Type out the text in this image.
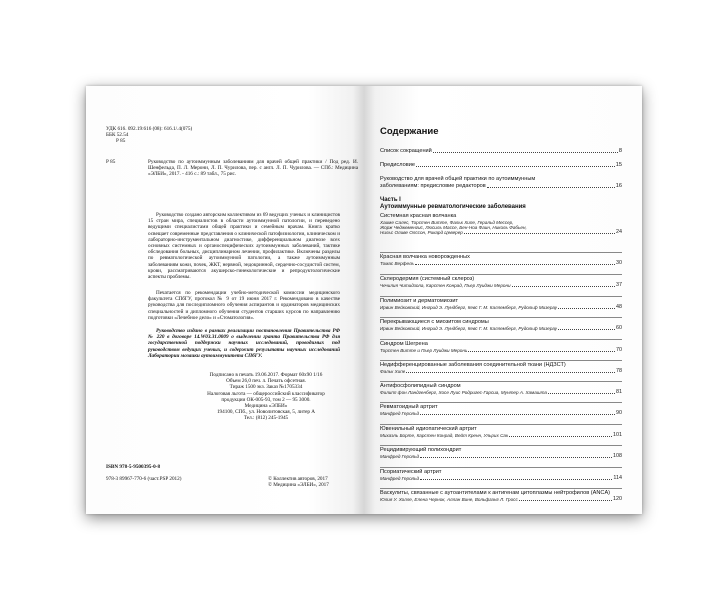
УДК 616. 092.19:616 (08): 616.1/.4(075)
ББК 52.54
Р 85
Р 85	Руководство по аутоиммунным заболеваниям для врачей общей практики / Под ред. И. Шенфельда, П. Л. Мерони, Л. П. Чуриловa, пер. с англ. Л. П. Чурилова. — СПб.: Медицина «ЭЛБИ», 2017. - 416 с.: 89 табл., 75 рис.
Руководство создано авторским коллективом из 69 ведущих ученых и клиницистов 15 стран мира, специалистов в области аутоиммунной патологии, и переведено ведущими специалистами общей практики и семейным врачам. Книга кратко освещает современные представления о клинической патофизиологии, клиническом и лабораторно-инструментальном диагностике, дифференциальном диагнозе всех основных системных и органоспецифических аутоиммунных заболеваний, тактике обследования больных, дисциплинарном лечении, профилактике. Включены разделы по ревматологической аутоиммунной патологии, а также аутоиммунным заболеваниям кожи, почек, ЖКТ, нервной, эндокринной, сердечно-сосудистой систем, крови, рассматриваются акушерско-гинекологические и репродуктологические аспекты проблемы.
Печатается по рекомендации учебно-методической комиссии медицинского факультета СПбГУ, протокол № 9 от 19 июня 2017 г. Рекомендовано в качестве руководства для последипломного обучения аспирантов и ординаторов медицинских специальностей и дипломного обучения студентов старших курсов по направлению подготовки «Лечебное дело» и «Стоматология».
Руководство издано в рамках реализации постановления Правительства РФ № 220 в договоре 14.W03.31.0009 о выделении гранта Правительства РФ для государственной поддержки научных исследований, проводимых под руководством ведущих ученых, и содержит результаты научных исследований Лаборатории мозаики аутоиммунитета СПбГУ.
Подписано в печать 19.06.2017. Формат 60х90 1/16
Объем 26,0 печ. л. Печать офсетная.
Тираж 1500 экз. Заказ №1705334
Налоговая льгота — общероссийский классификатор
продукции ОК-005-93, том 2 — 95 3000.
Медицина «ЭЛБИ»
194100, СПб., ул. Новолитовская, 5, литер А
Тел.: (812) 245-1945
ISBN 978-5-9500395-0-8
978-3 89967-770-6 (част.PSP 2012)	© Коллектив авторов, 2017
© Медицина «ЭЛБИ», 2017
Содержание
Список сокращений	8
Предисловие	15
Руководство для врачей общей практики по аутоиммунным
заболеваниям: предисловие редакторов	16
Часть I
Аутоиммунные ревматологические заболевания
Системная красная волчанка
Хаиме Салес, Торстен Витте, Фальк Хипе, Геральд Мессер,
Жорж Чеджеменгис, Люсиль Массе, Бен-Ноа Фаин, Николь Фабьен,
Нильс Оливе Олссон, Рикард Цеверер	24
Красная волчанка новорожденных
Томас Верфель	30
Склеродермия (системный склероз)
Чечилия Читидзола, Карстен Конрад, Пьер Луиджи Мерони	37
Полимиозит и дерматомиозит
Ирвин Вейковский, Ингрид Э. Лундберг, Кевс Г. М. Каллемберг, Рудольф Мизерау	48
Перекрывающиеся с миозитом синдромы
Ирвин Вейковский, Ингрид Э. Лундберг, Кевс Г. М. Каллемберг, Рудольф Мизерау	60
Синдром Шегрена
Торстен Витте и Пьер Луиджи Мерони	70
Недифференцированные заболевания соединительной ткани (НДЗСТ)
Фальк Хипе	78
Антифосфолипидный синдром
Филипп фон Ландгенберг, Хосе Луис Родригес-Гарсиа, Мунтер А. Хамашта	81
Ревматоидный артрит
Манфред Герольд	90
Ювенильный идиопатический артрит
Михаэль Борте, Карстен Конрад, Вейт Кренн, Ульрих Сак	101
Рецидивирующий полихондрит
Манфред Герольд	108
Псориатический артрит
Манфред Герольд	114
Васкулиты, связанные с аутоантителами к антигенам цитоплазмы нейтрофилов (ANCA)
Юлия У. Холле, Елена Чернок, Аллан Вине, Вольфганг Л. Гросс	120
